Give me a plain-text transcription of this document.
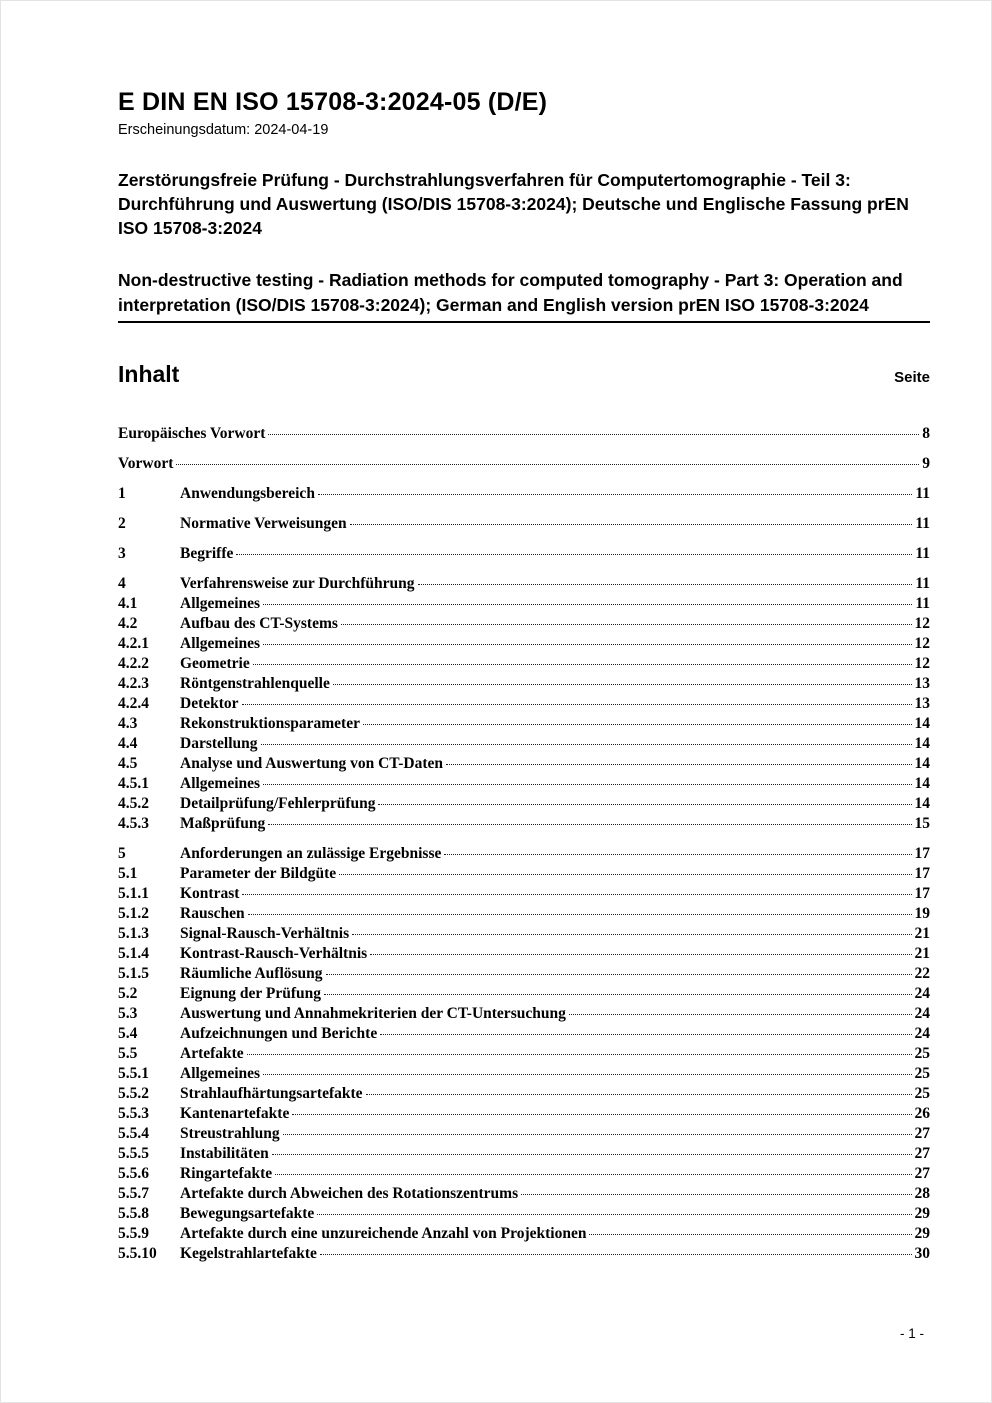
E DIN EN ISO 15708-3:2024-05 (D/E)
Erscheinungsdatum: 2024-04-19

Zerstörungsfreie Prüfung - Durchstrahlungsverfahren für Computertomographie - Teil 3: Durchführung und Auswertung (ISO/DIS 15708-3:2024); Deutsche und Englische Fassung prEN ISO 15708-3:2024

Non-destructive testing - Radiation methods for computed tomography - Part 3: Operation and interpretation (ISO/DIS 15708-3:2024); German and English version prEN ISO 15708-3:2024

Inhalt	Seite
Europäisches Vorwort	8
Vorwort	9
1	Anwendungsbereich	11
2	Normative Verweisungen	11
3	Begriffe	11
4	Verfahrensweise zur Durchführung	11
4.1	Allgemeines	11
4.2	Aufbau des CT-Systems	12
4.2.1	Allgemeines	12
4.2.2	Geometrie	12
4.2.3	Röntgenstrahlenquelle	13
4.2.4	Detektor	13
4.3	Rekonstruktionsparameter	14
4.4	Darstellung	14
4.5	Analyse und Auswertung von CT-Daten	14
4.5.1	Allgemeines	14
4.5.2	Detailprüfung/Fehlerprüfung	14
4.5.3	Maßprüfung	15
5	Anforderungen an zulässige Ergebnisse	17
5.1	Parameter der Bildgüte	17
5.1.1	Kontrast	17
5.1.2	Rauschen	19
5.1.3	Signal-Rausch-Verhältnis	21
5.1.4	Kontrast-Rausch-Verhältnis	21
5.1.5	Räumliche Auflösung	22
5.2	Eignung der Prüfung	24
5.3	Auswertung und Annahmekriterien der CT-Untersuchung	24
5.4	Aufzeichnungen und Berichte	24
5.5	Artefakte	25
5.5.1	Allgemeines	25
5.5.2	Strahlaufhärtungsartefakte	25
5.5.3	Kantenartefakte	26
5.5.4	Streustrahlung	27
5.5.5	Instabilitäten	27
5.5.6	Ringartefakte	27
5.5.7	Artefakte durch Abweichen des Rotationszentrums	28
5.5.8	Bewegungsartefakte	29
5.5.9	Artefakte durch eine unzureichende Anzahl von Projektionen	29
5.5.10	Kegelstrahlartefakte	30
- 1 -
